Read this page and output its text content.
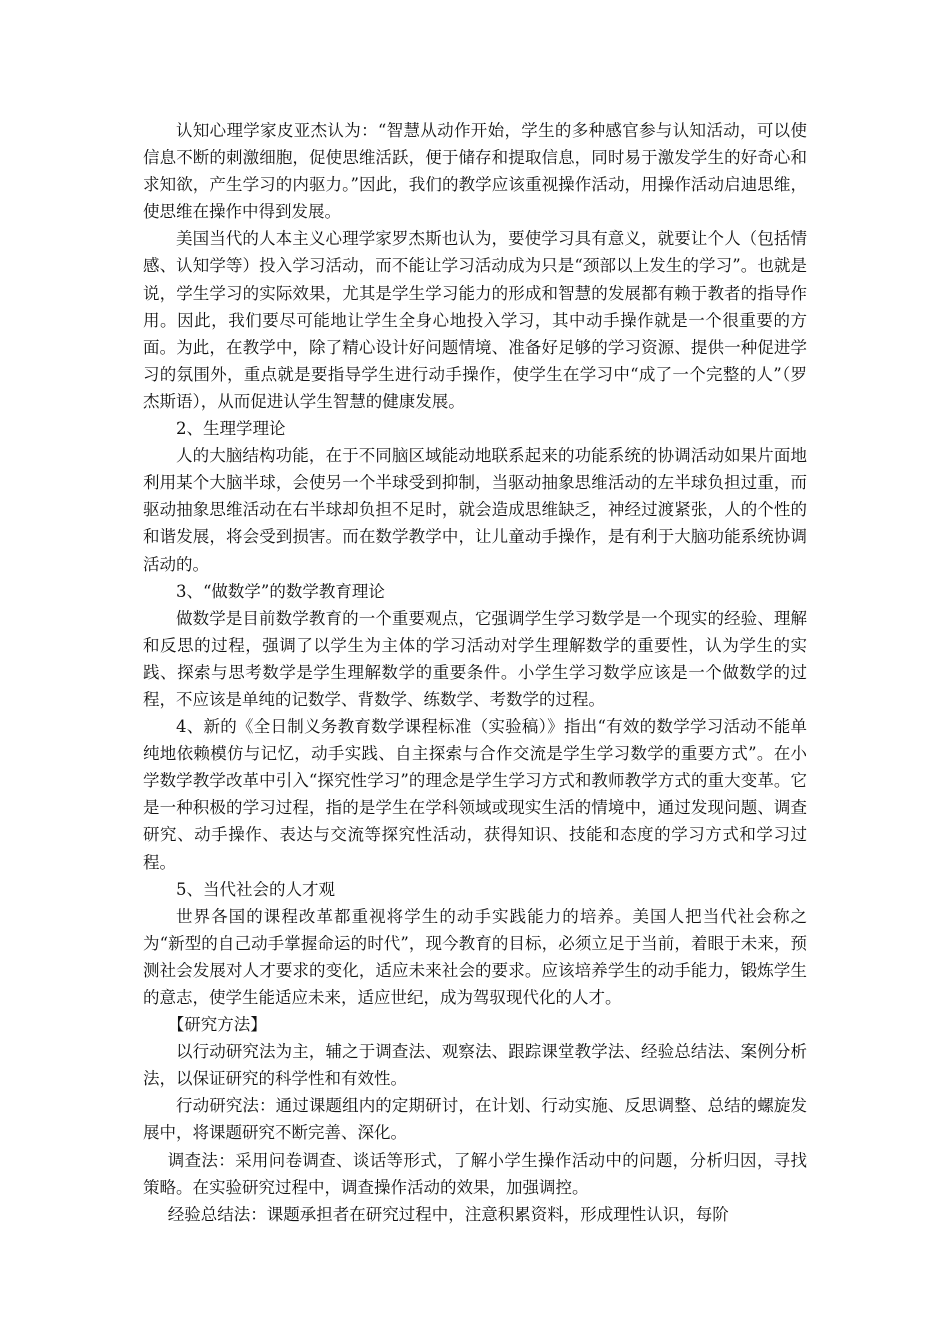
认知心理学家皮亚杰认为：“智慧从动作开始，学生的多种感官参与认知活动，可以使信息不断的刺激细胞，促使思维活跃，便于储存和提取信息，同时易于激发学生的好奇心和求知欲，产生学习的内驱力。”因此，我们的教学应该重视操作活动，用操作活动启迪思维，使思维在操作中得到发展。

美国当代的人本主义心理学家罗杰斯也认为，要使学习具有意义，就要让个人（包括情感、认知学等）投入学习活动，而不能让学习活动成为只是“颈部以上发生的学习”。也就是说，学生学习的实际效果，尤其是学生学习能力的形成和智慧的发展都有赖于教者的指导作用。因此，我们要尽可能地让学生全身心地投入学习，其中动手操作就是一个很重要的方面。为此，在教学中，除了精心设计好问题情境、准备好足够的学习资源、提供一种促进学习的氛围外，重点就是要指导学生进行动手操作，使学生在学习中“成了一个完整的人”（罗杰斯语），从而促进认学生智慧的健康发展。

2、生理学理论

人的大脑结构功能，在于不同脑区域能动地联系起来的功能系统的协调活动如果片面地利用某个大脑半球，会使另一个半球受到抑制，当驱动抽象思维活动的左半球负担过重，而驱动抽象思维活动在右半球却负担不足时，就会造成思维缺乏，神经过渡紧张，人的个性的和谐发展，将会受到损害。而在数学教学中，让儿童动手操作，是有利于大脑功能系统协调活动的。

3、“做数学”的数学教育理论

做数学是目前数学教育的一个重要观点，它强调学生学习数学是一个现实的经验、理解和反思的过程，强调了以学生为主体的学习活动对学生理解数学的重要性，认为学生的实践、探索与思考数学是学生理解数学的重要条件。小学生学习数学应该是一个做数学的过程，不应该是单纯的记数学、背数学、练数学、考数学的过程。

4、新的《全日制义务教育数学课程标准（实验稿）》指出“有效的数学学习活动不能单纯地依赖模仿与记忆，动手实践、自主探索与合作交流是学生学习数学的重要方式”。在小学数学教学改革中引入“探究性学习”的理念是学生学习方式和教师教学方式的重大变革。它是一种积极的学习过程，指的是学生在学科领域或现实生活的情境中，通过发现问题、调查研究、动手操作、表达与交流等探究性活动，获得知识、技能和态度的学习方式和学习过程。

5、当代社会的人才观

世界各国的课程改革都重视将学生的动手实践能力的培养。美国人把当代社会称之为“新型的自己动手掌握命运的时代”，现今教育的目标，必须立足于当前，着眼于未来，预测社会发展对人才要求的变化，适应未来社会的要求。应该培养学生的动手能力，锻炼学生的意志，使学生能适应未来，适应世纪，成为驾驭现代化的人才。

【研究方法】

以行动研究法为主，辅之于调查法、观察法、跟踪课堂教学法、经验总结法、案例分析法，以保证研究的科学性和有效性。

行动研究法：通过课题组内的定期研讨，在计划、行动实施、反思调整、总结的螺旋发展中，将课题研究不断完善、深化。

调查法：采用问卷调查、谈话等形式，了解小学生操作活动中的问题，分析归因，寻找策略。在实验研究过程中，调查操作活动的效果，加强调控。

经验总结法：课题承担者在研究过程中，注意积累资料，形成理性认识，每阶
